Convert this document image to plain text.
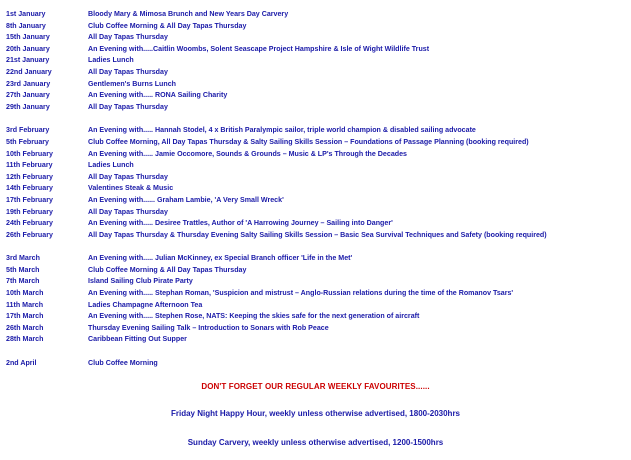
1st January	Bloody Mary & Mimosa Brunch and New Years Day Carvery
8th January	Club Coffee Morning & All Day Tapas Thursday
15th January	All Day Tapas Thursday
20th January	An Evening with.....Caitlin Woombs, Solent Seascape Project Hampshire & Isle of Wight Wildlife Trust
21st January	Ladies Lunch
22nd January	All Day Tapas Thursday
23rd January	Gentlemen's Burns Lunch
27th January	An Evening with..... RONA Sailing Charity
29th January	All Day Tapas Thursday
3rd February	An Evening with..... Hannah Stodel, 4 x British Paralympic sailor, triple world champion & disabled sailing advocate
5th February	Club Coffee Morning, All Day Tapas Thursday & Salty Sailing Skills Session – Foundations of Passage Planning (booking required)
10th February	An Evening with..... Jamie Occomore, Sounds & Grounds – Music & LP's Through the Decades
11th February	Ladies Lunch
12th February	All Day Tapas Thursday
14th February	Valentines Steak & Music
17th February	An Evening with...... Graham Lambie, 'A Very Small Wreck'
19th February	All Day Tapas Thursday
24th February	An Evening with..... Desiree Trattles, Author of 'A Harrowing Journey – Sailing into Danger'
26th February	All Day Tapas Thursday & Thursday Evening Salty Sailing Skills Session – Basic Sea Survival Techniques and Safety (booking required)
3rd March	An Evening with..... Julian McKinney, ex Special Branch officer 'Life in the Met'
5th March	Club Coffee Morning & All Day Tapas Thursday
7th March	Island Sailing Club Pirate Party
10th March	An Evening with..... Stephan Roman, 'Suspicion and mistrust – Anglo-Russian relations during the time of the Romanov Tsars'
11th March	Ladies Champagne Afternoon Tea
17th March	An Evening with..... Stephen Rose, NATS: Keeping the skies safe for the next generation of aircraft
26th March	Thursday Evening Sailing Talk – Introduction to Sonars with Rob Peace
28th March	Caribbean Fitting Out Supper
2nd April	Club Coffee Morning
DON'T FORGET OUR REGULAR WEEKLY FAVOURITES......
Friday Night Happy Hour, weekly unless otherwise advertised, 1800-2030hrs
Sunday Carvery, weekly unless otherwise advertised, 1200-1500hrs
